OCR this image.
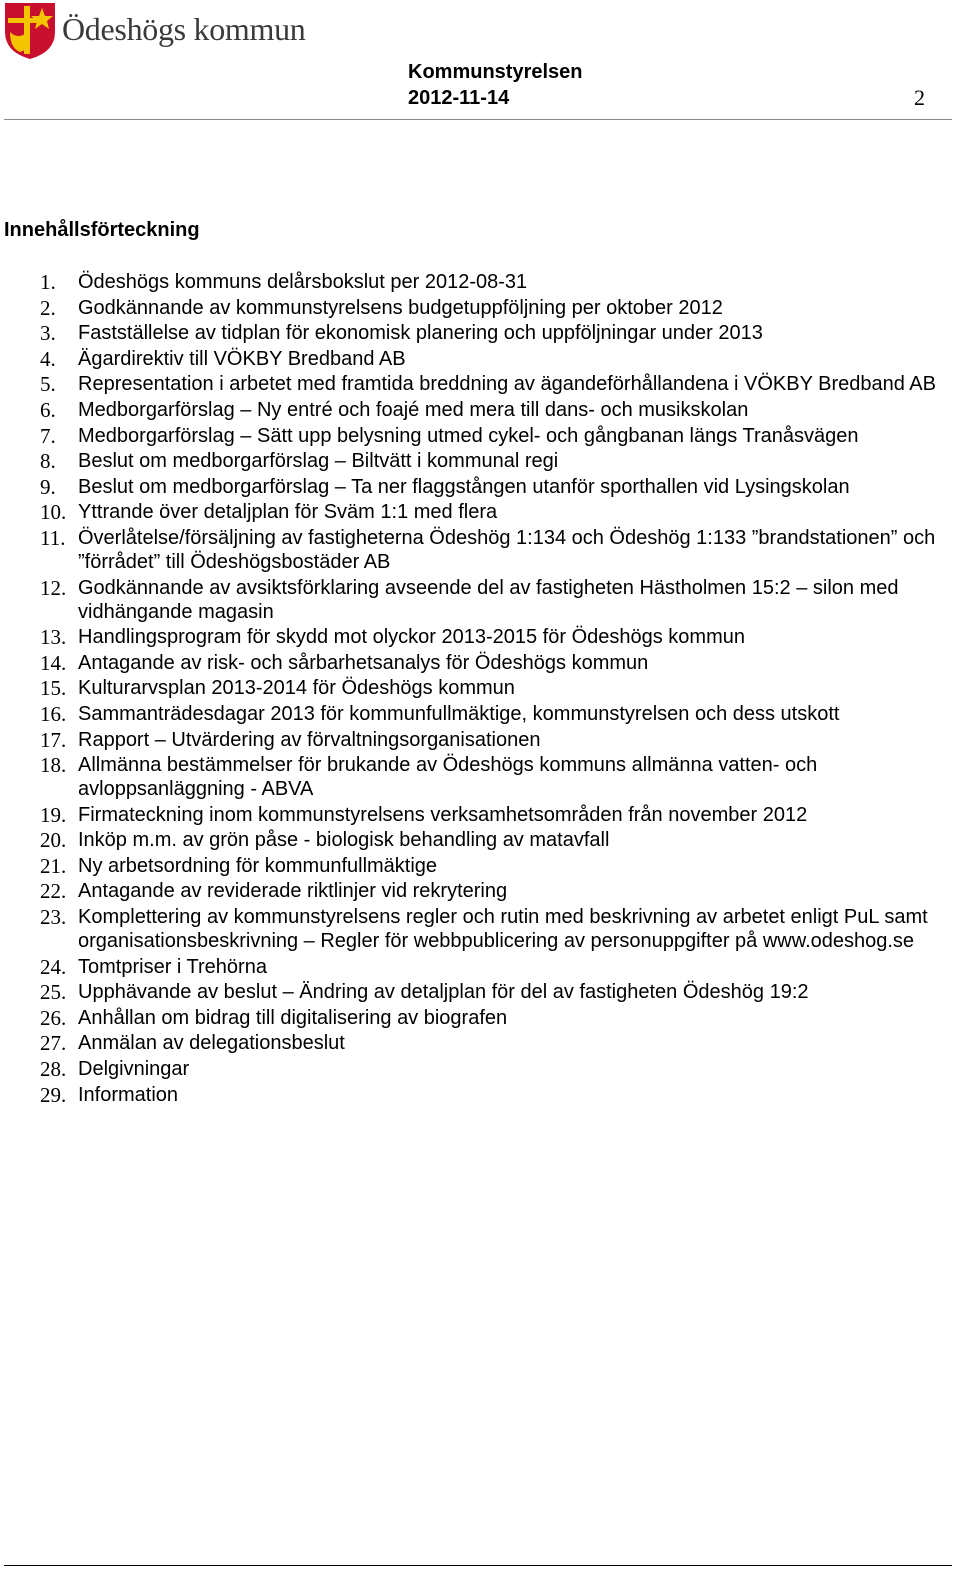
Ödeshögs kommun
Kommunstyrelsen
2012-11-14	2
Innehållsförteckning
1. Ödeshögs kommuns delårsbokslut per 2012-08-31
2. Godkännande av kommunstyrelsens budgetuppföljning per oktober 2012
3. Fastställelse av tidplan för ekonomisk planering och uppföljningar under 2013
4. Ägardirektiv till VÖKBY Bredband AB
5. Representation i arbetet med framtida breddning av ägandeförhållandena i VÖKBY Bredband AB
6. Medborgarförslag – Ny entré och foajé med mera till dans- och musikskolan
7. Medborgarförslag – Sätt upp belysning utmed cykel- och gångbanan längs Tranåsvägen
8. Beslut om medborgarförslag – Biltvätt i kommunal regi
9. Beslut om medborgarförslag – Ta ner flaggstången utanför sporthallen vid Lysingskolan
10. Yttrande över detaljplan för Sväm 1:1 med flera
11. Överlåtelse/försäljning av fastigheterna Ödeshög 1:134 och Ödeshög 1:133 ”brandstationen” och ”förrådet” till Ödeshögsbostäder AB
12. Godkännande av avsiktsförklaring avseende del av fastigheten Hästholmen 15:2 – silon med vidhängande magasin
13. Handlingsprogram för skydd mot olyckor 2013-2015 för Ödeshögs kommun
14. Antagande av risk- och sårbarhetsanalys för Ödeshögs kommun
15. Kulturarvsplan 2013-2014 för Ödeshögs kommun
16. Sammanträdesdagar 2013 för kommunfullmäktige, kommunstyrelsen och dess utskott
17. Rapport – Utvärdering av förvaltningsorganisationen
18. Allmänna bestämmelser för brukande av Ödeshögs kommuns allmänna vatten- och avloppsanläggning - ABVA
19. Firmateckning inom kommunstyrelsens verksamhetsområden från november 2012
20. Inköp m.m. av grön påse - biologisk behandling av matavfall
21. Ny arbetsordning för kommunfullmäktige
22. Antagande av reviderade riktlinjer vid rekrytering
23. Komplettering av kommunstyrelsens regler och rutin med beskrivning av arbetet enligt PuL samt organisationsbeskrivning – Regler för webbpublicering av personuppgifter på www.odeshog.se
24. Tomtpriser i Trehörna
25. Upphävande av beslut – Ändring av detaljplan för del av fastigheten Ödeshög 19:2
26. Anhållan om bidrag till digitalisering av biografen
27. Anmälan av delegationsbeslut
28. Delgivningar
29. Information
